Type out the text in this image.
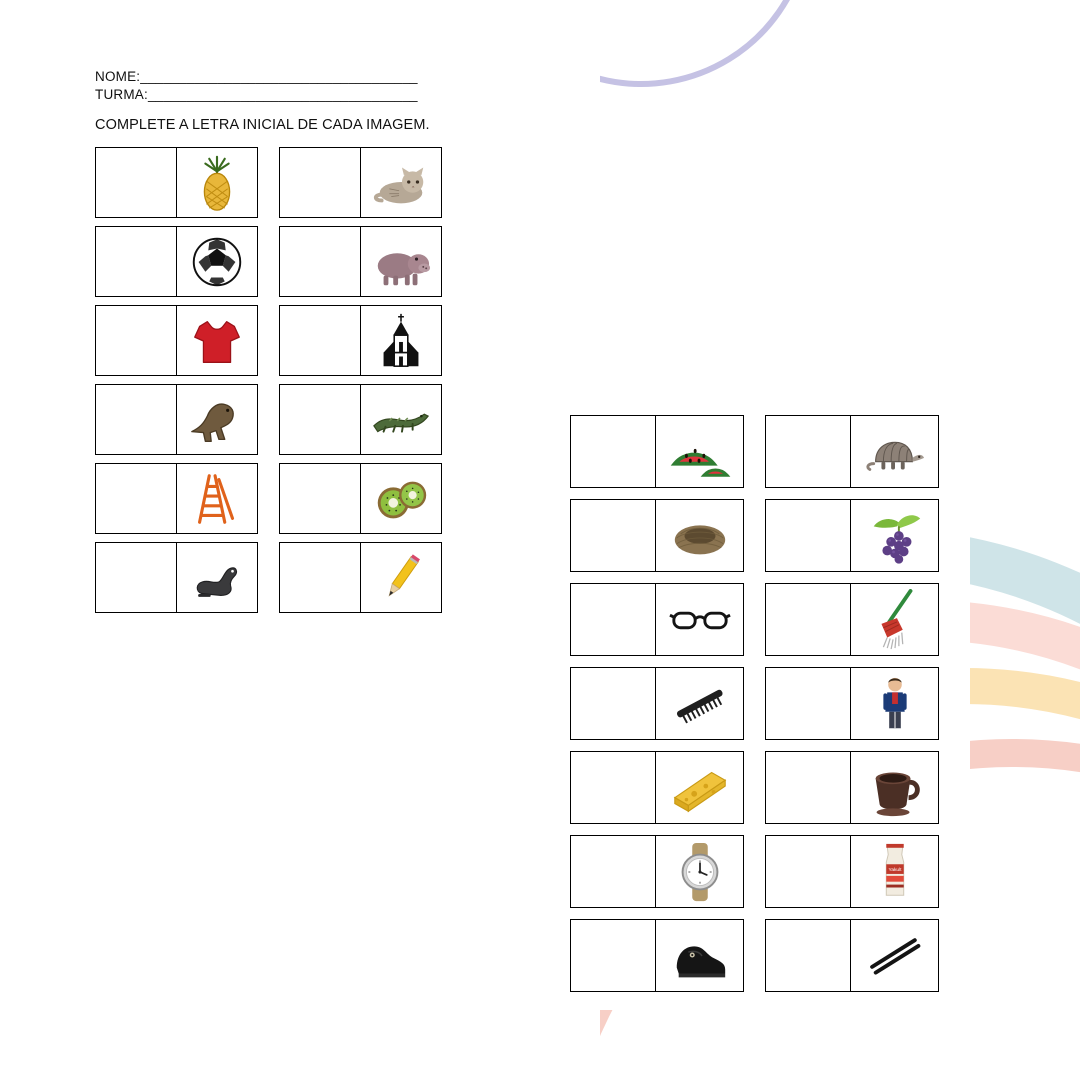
NOME:____________________________________
TURMA:___________________________________
COMPLETE A LETRA INICIAL DE CADA IMAGEM.
Yakult
